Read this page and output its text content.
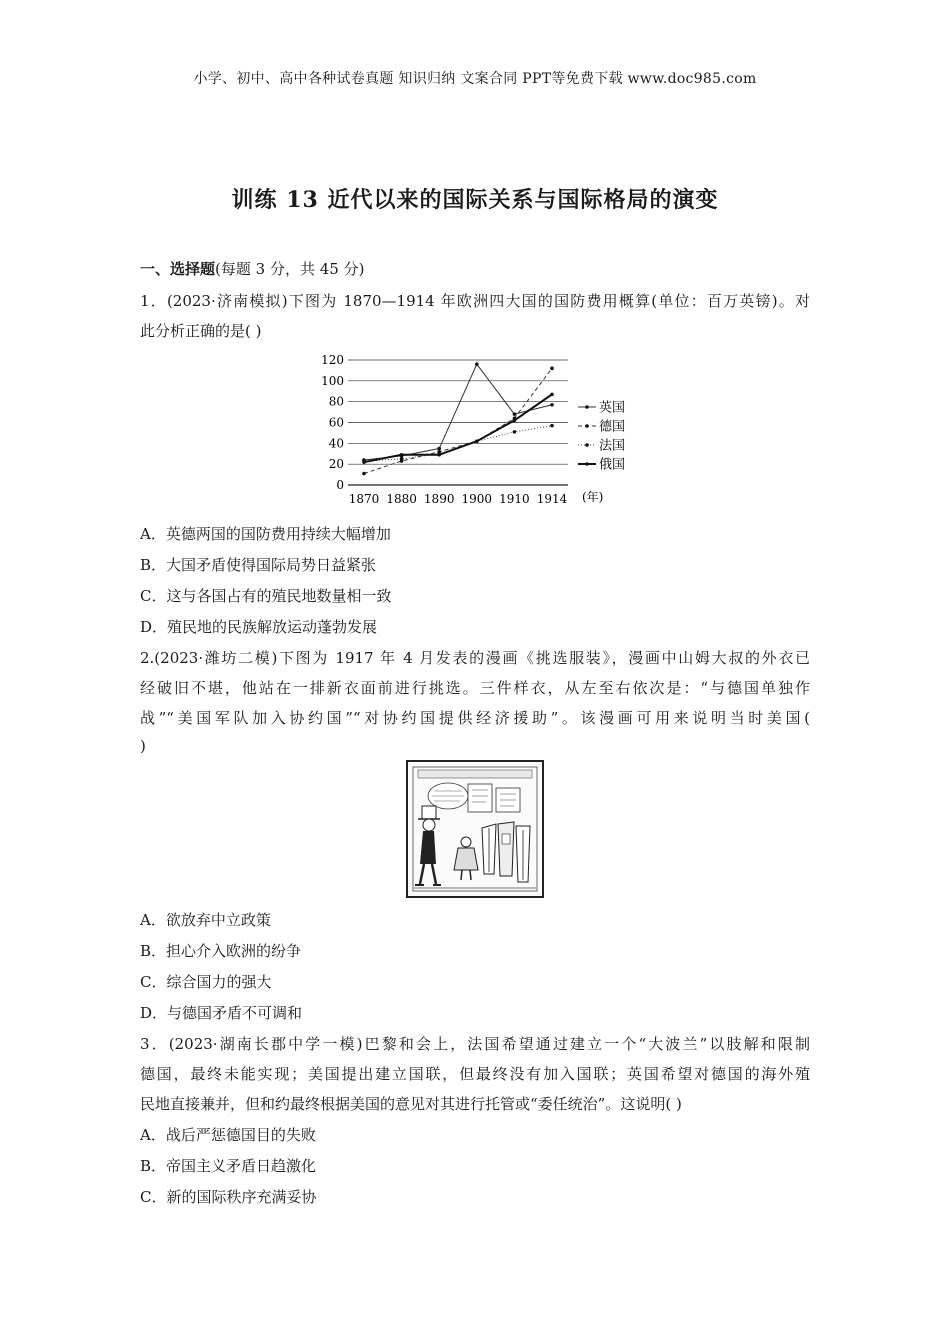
小学、初中、高中各种试卷真题 知识归纳 文案合同 PPT等免费下载 www.doc985.com
训练 13 近代以来的国际关系与国际格局的演变
一、选择题(每题 3 分，共 45 分)
1．(2023·济南模拟)下图为 1870—1914 年欧洲四大国的国防费用概算(单位：百万英镑)。对
此分析正确的是( )
0
20
40
60
80
100
120
1870 1880 1890 1900 1910 1914
英国
德国
法国
俄国
(年)
A．英德两国的国防费用持续大幅增加
B．大国矛盾使得国际局势日益紧张
C．这与各国占有的殖民地数量相一致
D．殖民地的民族解放运动蓬勃发展
2.(2023·潍坊二模)下图为 1917 年 4 月发表的漫画《挑选服装》，漫画中山姆大叔的外衣已
经破旧不堪，他站在一排新衣面前进行挑选。三件样衣，从左至右依次是：“与德国单独作
战”“美国军队加入协约国”“对协约国提供经济援助”。该漫画可用来说明当时美国(
)
A．欲放弃中立政策
B．担心介入欧洲的纷争
C．综合国力的强大
D．与德国矛盾不可调和
3．(2023·湖南长郡中学一模)巴黎和会上，法国希望通过建立一个“大波兰”以肢解和限制
德国，最终未能实现；美国提出建立国联，但最终没有加入国联；英国希望对德国的海外殖
民地直接兼并，但和约最终根据美国的意见对其进行托管或“委任统治”。这说明( )
A．战后严惩德国目的失败
B．帝国主义矛盾日趋激化
C．新的国际秩序充满妥协
